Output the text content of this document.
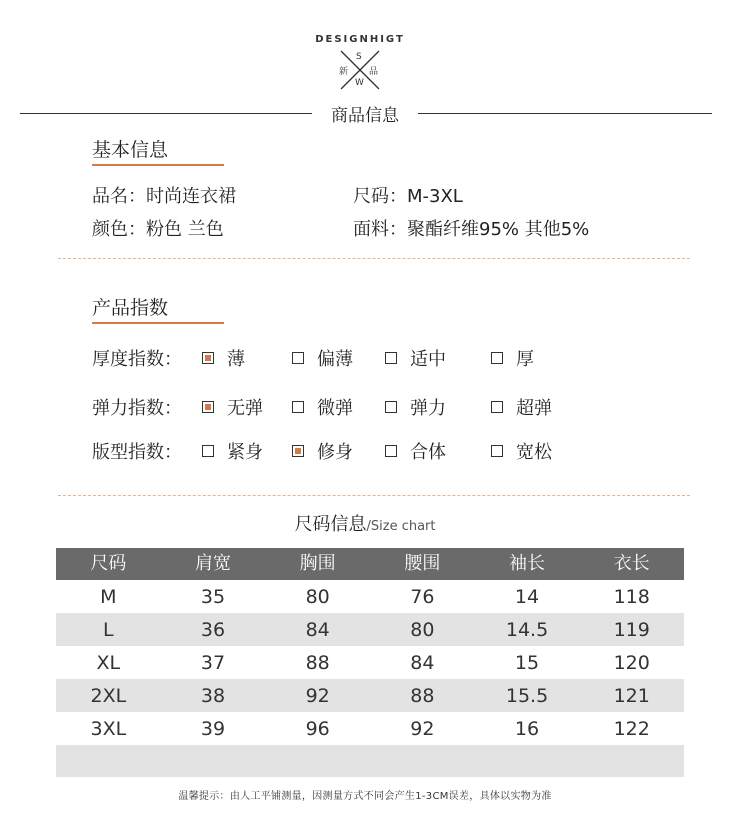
DESIGNHIGT
S
新 品
W
商品信息
基本信息
品名：时尚连衣裙	尺码：M-3XL
颜色：粉色 兰色	面料：聚酯纤维95% 其他5%
产品指数
厚度指数：	薄	偏薄	适中	厚
弹力指数：	无弹	微弹	弹力	超弹
版型指数：	紧身	修身	合体	宽松
尺码信息/Size chart
尺码	肩宽	胸围	腰围	袖长	衣长
M	35	80	76	14	118
L	36	84	80	14.5	119
XL	37	88	84	15	120
2XL	38	92	88	15.5	121
3XL	39	96	92	16	122
温馨提示：由人工平铺测量，因测量方式不同会产生1-3CM误差，具体以实物为准
